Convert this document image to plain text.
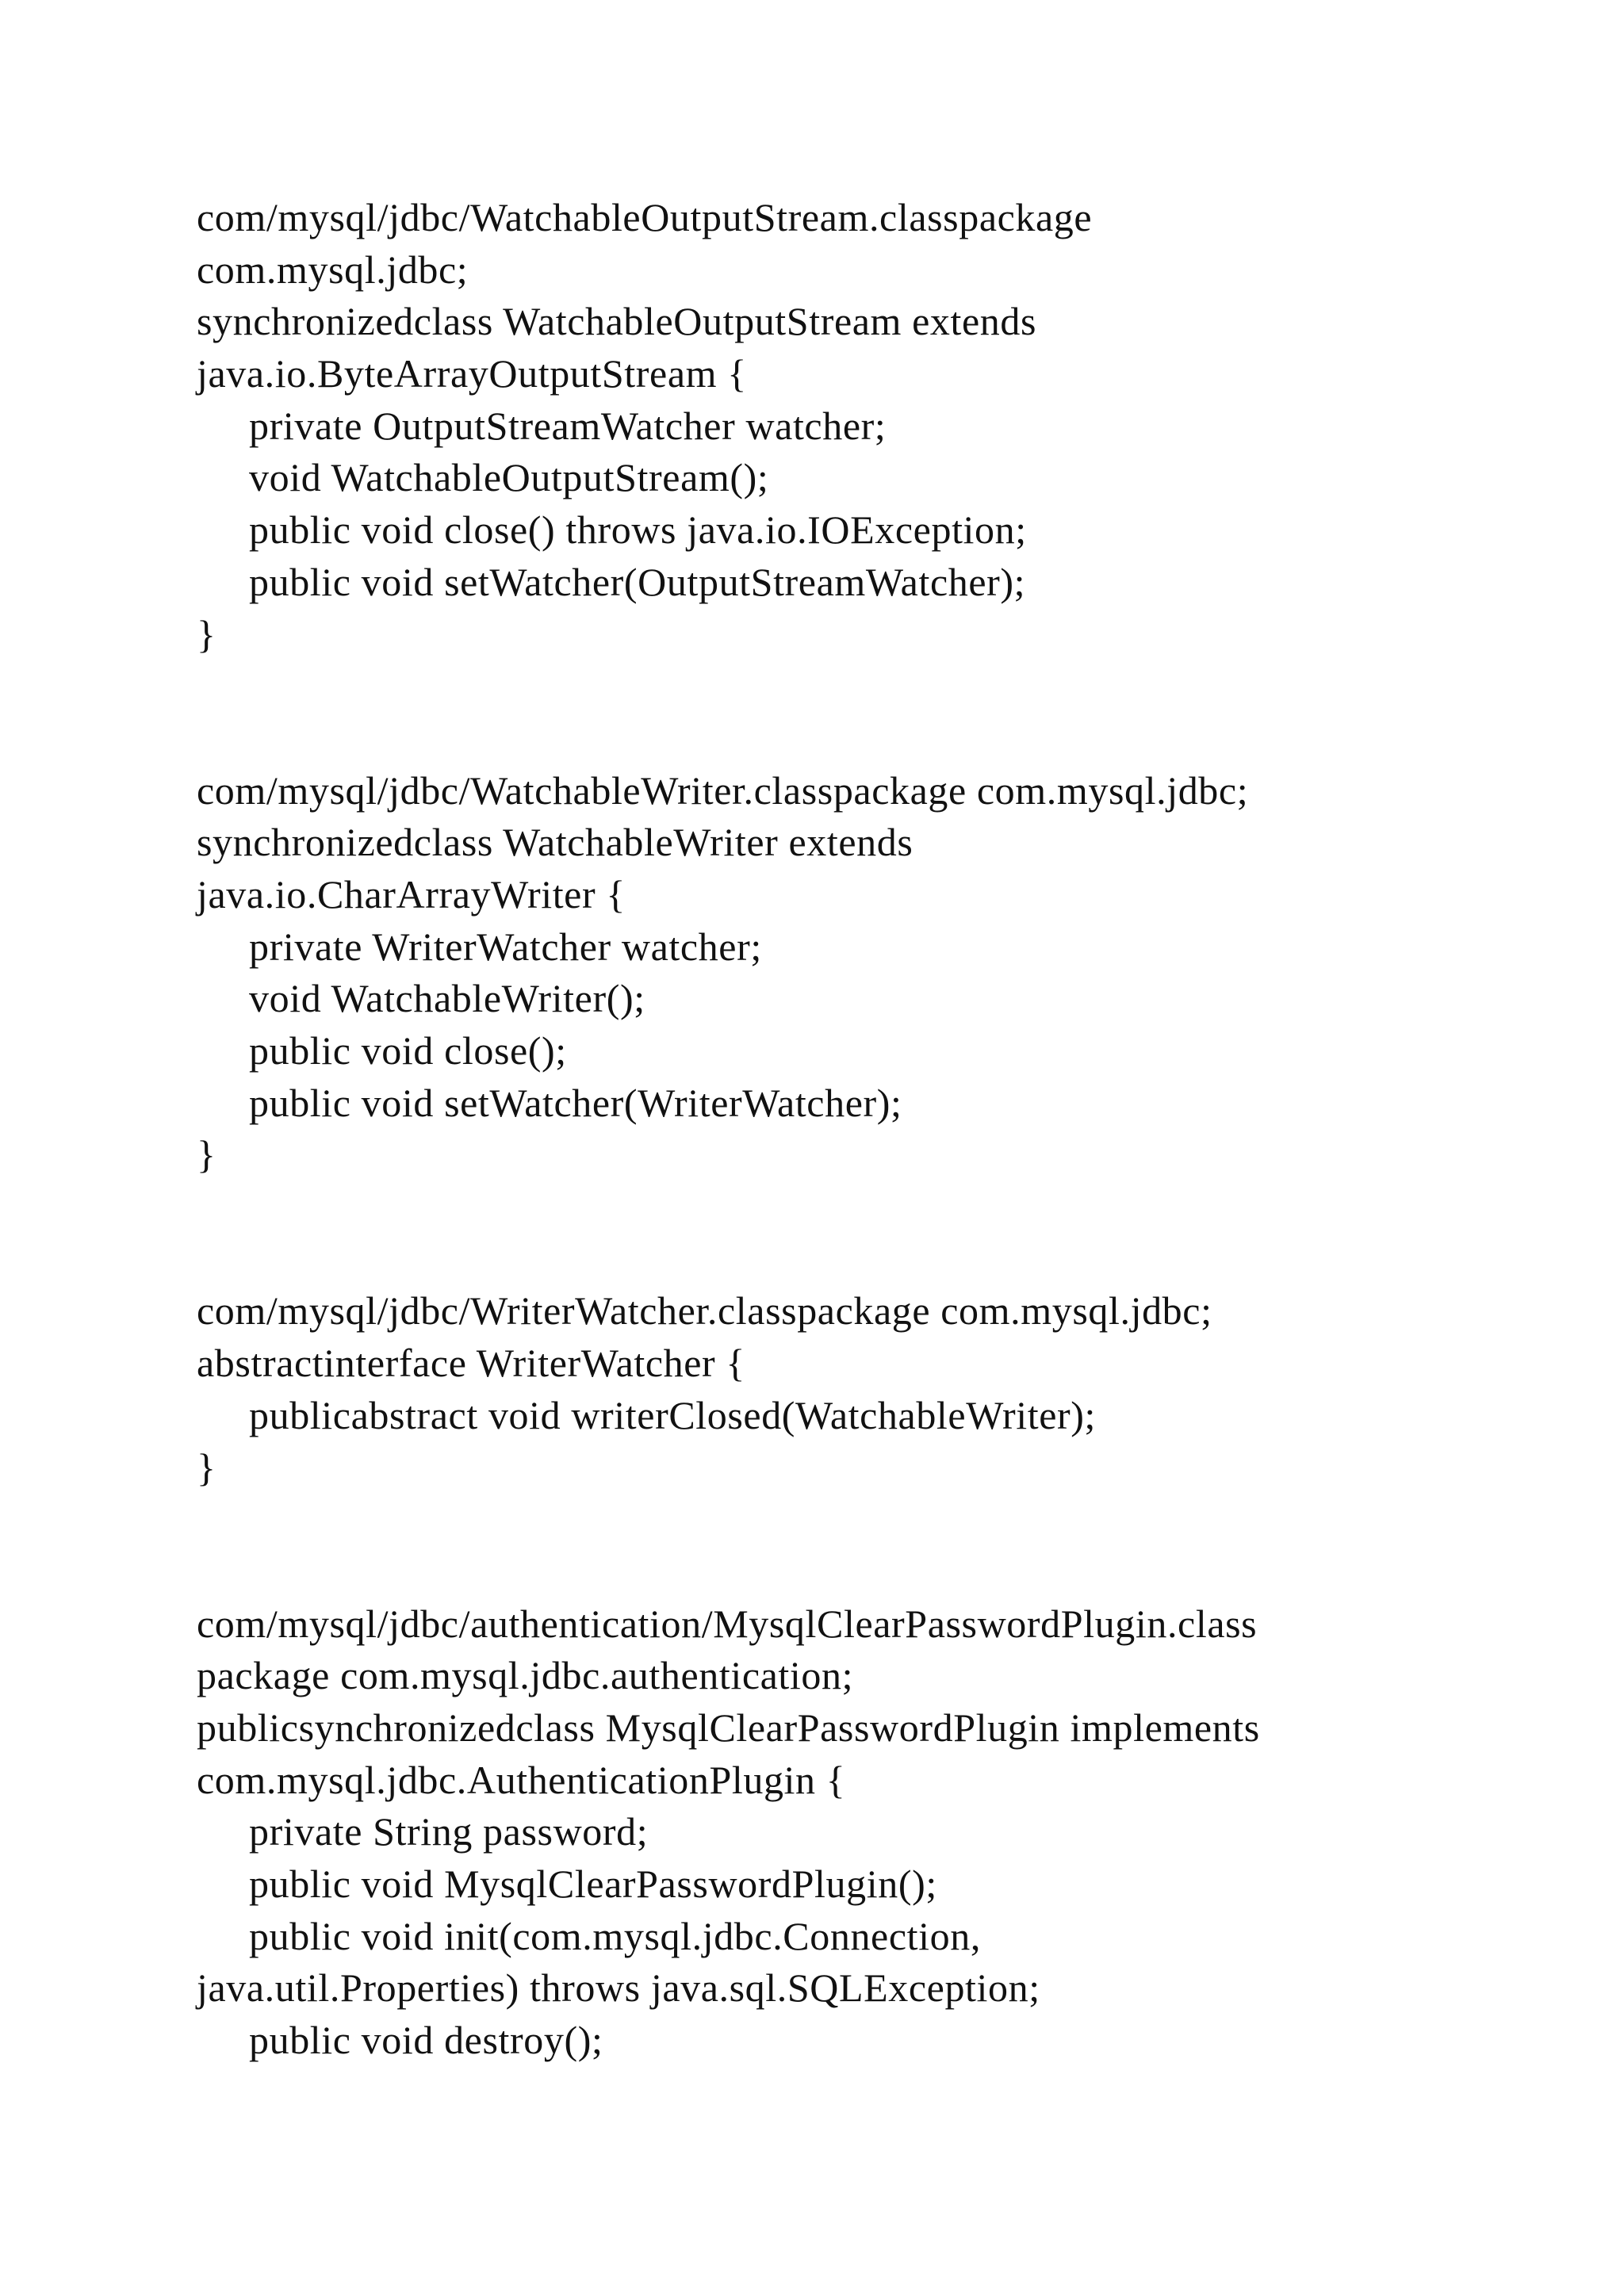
com/mysql/jdbc/WatchableOutputStream.classpackage
com.mysql.jdbc;
synchronizedclass WatchableOutputStream extends
java.io.ByteArrayOutputStream {
private OutputStreamWatcher watcher;
void WatchableOutputStream();
public void close() throws java.io.IOException;
public void setWatcher(OutputStreamWatcher);
}
com/mysql/jdbc/WatchableWriter.classpackage com.mysql.jdbc;
synchronizedclass WatchableWriter extends
java.io.CharArrayWriter {
private WriterWatcher watcher;
void WatchableWriter();
public void close();
public void setWatcher(WriterWatcher);
}
com/mysql/jdbc/WriterWatcher.classpackage com.mysql.jdbc;
abstractinterface WriterWatcher {
publicabstract void writerClosed(WatchableWriter);
}
com/mysql/jdbc/authentication/MysqlClearPasswordPlugin.class
package com.mysql.jdbc.authentication;
publicsynchronizedclass MysqlClearPasswordPlugin implements
com.mysql.jdbc.AuthenticationPlugin {
private String password;
public void MysqlClearPasswordPlugin();
public void init(com.mysql.jdbc.Connection,
java.util.Properties) throws java.sql.SQLException;
public void destroy();
